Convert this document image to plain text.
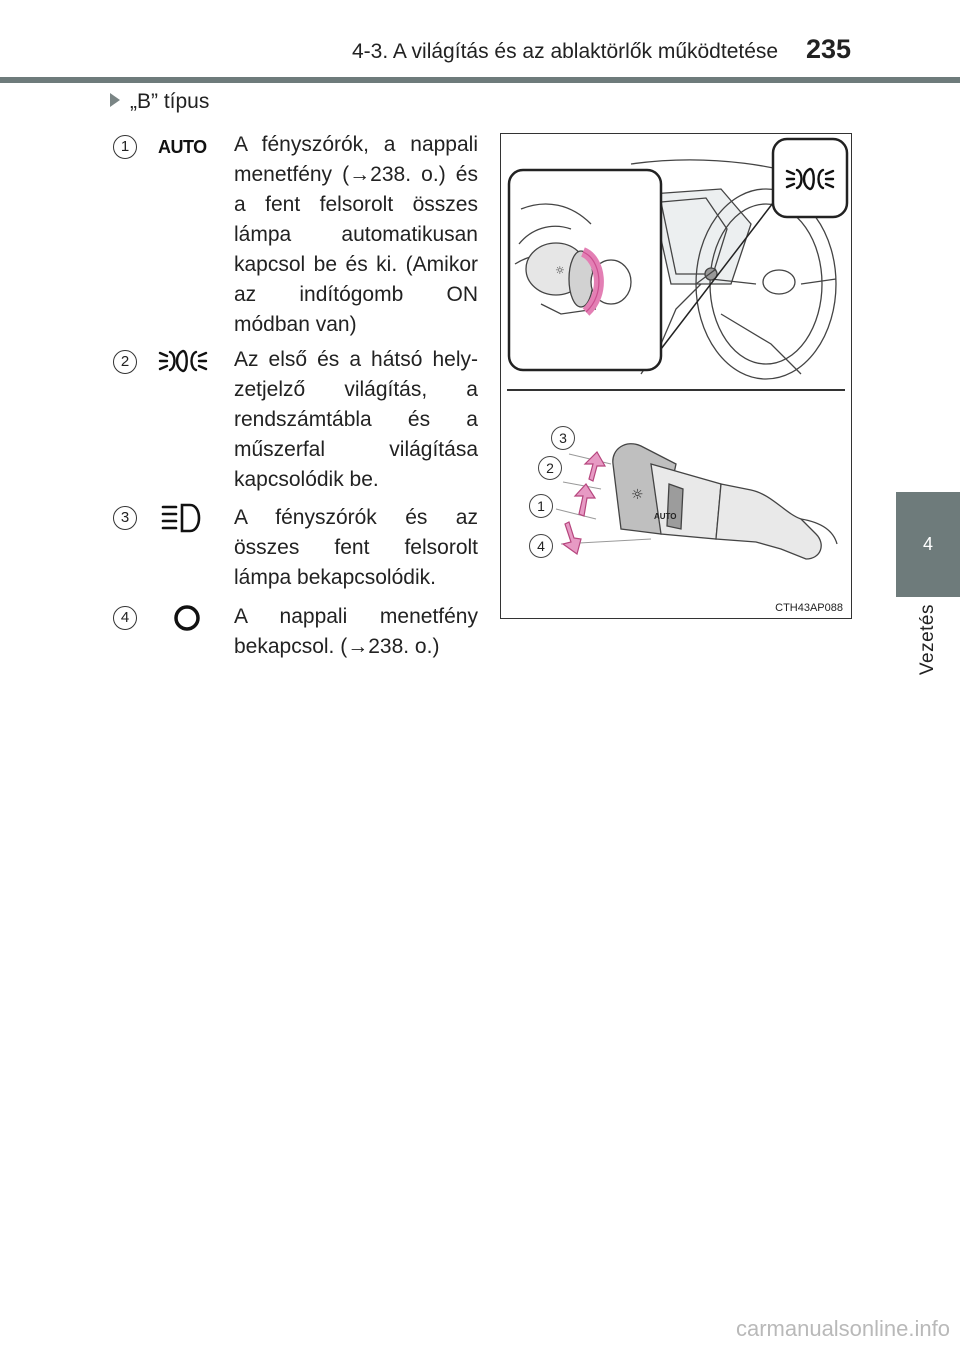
4-3. A világítás és az ablaktörlők működtetése 235
4
Vezetés
„B” típus
1	AUTO A fényszórók, a nappali menetfény (→238. o.) és a fent felsorolt összes lámpa automatikusan kapcsol be és ki. (Amikor az indítógomb ON módban van)
2	Az első és a hátsó helyzetjelző világítás, a rendszámtábla és a műszerfal világítása kapcsolódik be.
3	A fényszórók és az összes fent felsorolt lámpa bekapcsolódik.
4	A nappali menetfény bekapcsol. (→238. o.)
☼
☼
AUTO
3
2
1
4
CTH43AP088
carmanualsonline.info
